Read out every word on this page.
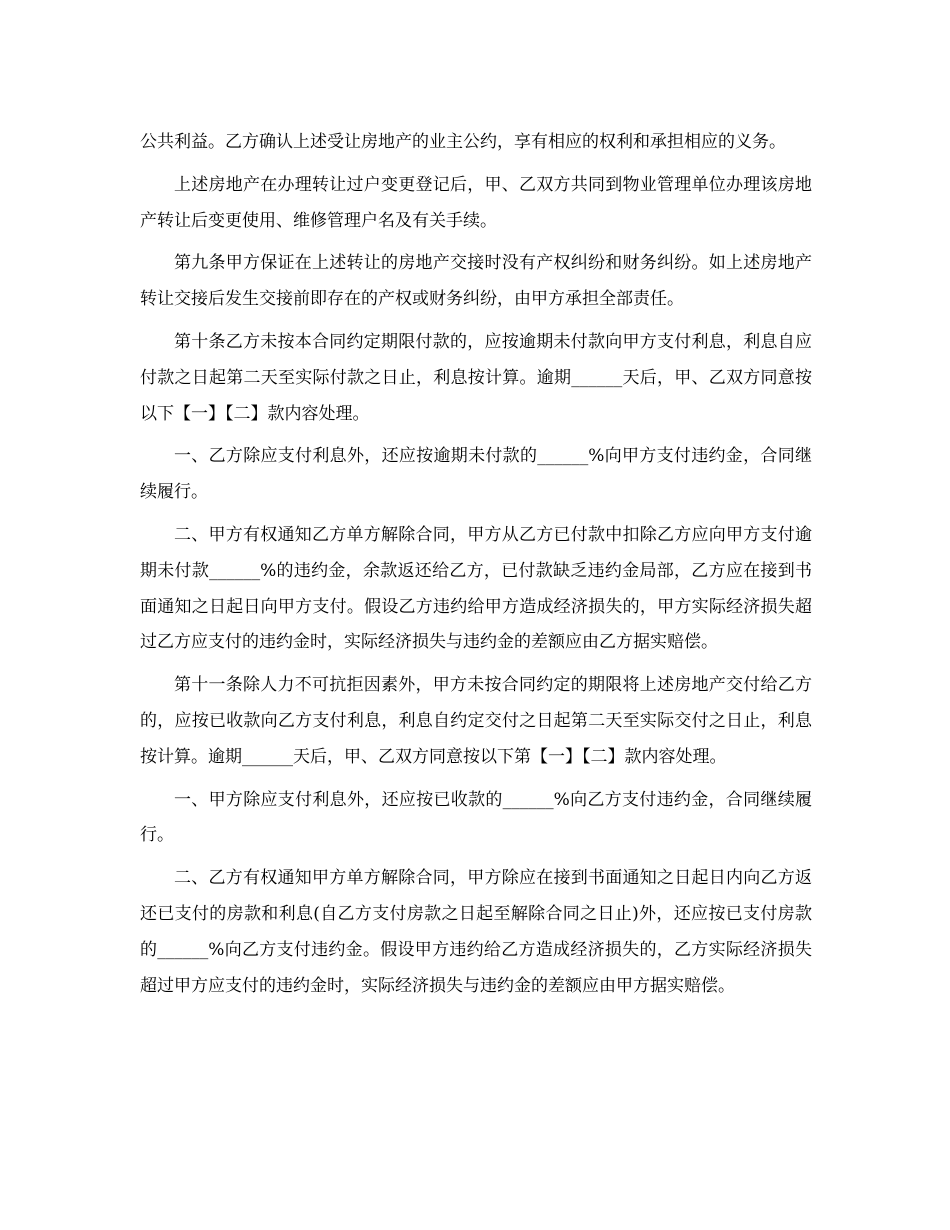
公共利益。乙方确认上述受让房地产的业主公约，享有相应的权利和承担相应的义务。

上述房地产在办理转让过户变更登记后，甲、乙双方共同到物业管理单位办理该房地产转让后变更使用、维修管理户名及有关手续。

第九条甲方保证在上述转让的房地产交接时没有产权纠纷和财务纠纷。如上述房地产转让交接后发生交接前即存在的产权或财务纠纷，由甲方承担全部责任。

第十条乙方未按本合同约定期限付款的，应按逾期未付款向甲方支付利息，利息自应付款之日起第二天至实际付款之日止，利息按计算。逾期______天后，甲、乙双方同意按以下【一】【二】款内容处理。

一、乙方除应支付利息外，还应按逾期未付款的______%向甲方支付违约金，合同继续履行。

二、甲方有权通知乙方单方解除合同，甲方从乙方已付款中扣除乙方应向甲方支付逾期未付款______%的违约金，余款返还给乙方，已付款缺乏违约金局部，乙方应在接到书面通知之日起日向甲方支付。假设乙方违约给甲方造成经济损失的，甲方实际经济损失超过乙方应支付的违约金时，实际经济损失与违约金的差额应由乙方据实赔偿。

第十一条除人力不可抗拒因素外，甲方未按合同约定的期限将上述房地产交付给乙方的，应按已收款向乙方支付利息，利息自约定交付之日起第二天至实际交付之日止，利息按计算。逾期______天后，甲、乙双方同意按以下第【一】【二】款内容处理。

一、甲方除应支付利息外，还应按已收款的______%向乙方支付违约金，合同继续履行。

二、乙方有权通知甲方单方解除合同，甲方除应在接到书面通知之日起日内向乙方返还已支付的房款和利息(自乙方支付房款之日起至解除合同之日止)外，还应按已支付房款的______%向乙方支付违约金。假设甲方违约给乙方造成经济损失的，乙方实际经济损失超过甲方应支付的违约金时，实际经济损失与违约金的差额应由甲方据实赔偿。
